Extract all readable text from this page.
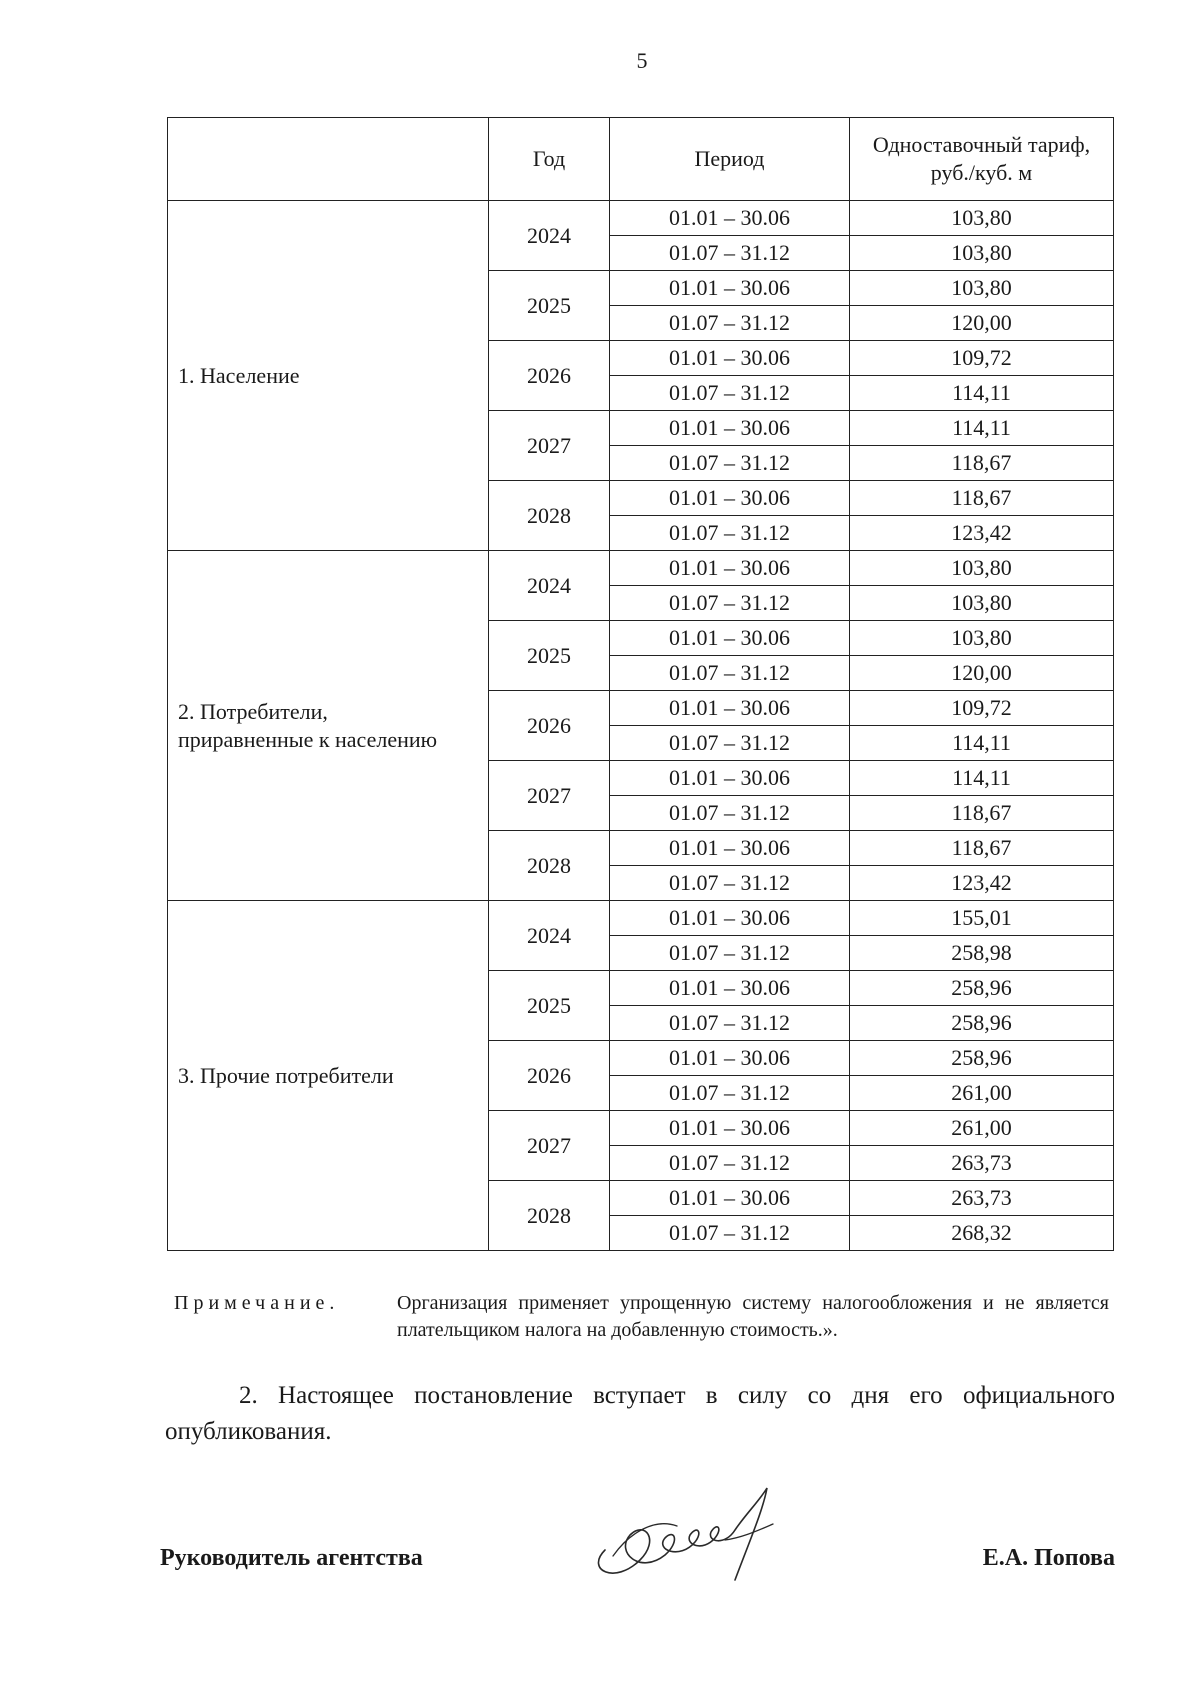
5
	Год	Период	Одноставочный тариф,
руб./куб. м
1. Население	2024	01.01 – 30.06	103,80
		01.07 – 31.12	103,80
	2025	01.01 – 30.06	103,80
		01.07 – 31.12	120,00
	2026	01.01 – 30.06	109,72
		01.07 – 31.12	114,11
	2027	01.01 – 30.06	114,11
		01.07 – 31.12	118,67
	2028	01.01 – 30.06	118,67
		01.07 – 31.12	123,42
2. Потребители,
приравненные к населению	2024	01.01 – 30.06	103,80
		01.07 – 31.12	103,80
	2025	01.01 – 30.06	103,80
		01.07 – 31.12	120,00
	2026	01.01 – 30.06	109,72
		01.07 – 31.12	114,11
	2027	01.01 – 30.06	114,11
		01.07 – 31.12	118,67
	2028	01.01 – 30.06	118,67
		01.07 – 31.12	123,42
3. Прочие потребители	2024	01.01 – 30.06	155,01
		01.07 – 31.12	258,98
	2025	01.01 – 30.06	258,96
		01.07 – 31.12	258,96
	2026	01.01 – 30.06	258,96
		01.07 – 31.12	261,00
	2027	01.01 – 30.06	261,00
		01.07 – 31.12	263,73
	2028	01.01 – 30.06	263,73
		01.07 – 31.12	268,32
Примечание.	Организация применяет упрощенную систему налогообложения и не является плательщиком налога на добавленную стоимость.».

2. Настоящее постановление вступает в силу со дня его официального опубликования.

Руководитель агентства	Е.А. Попова
